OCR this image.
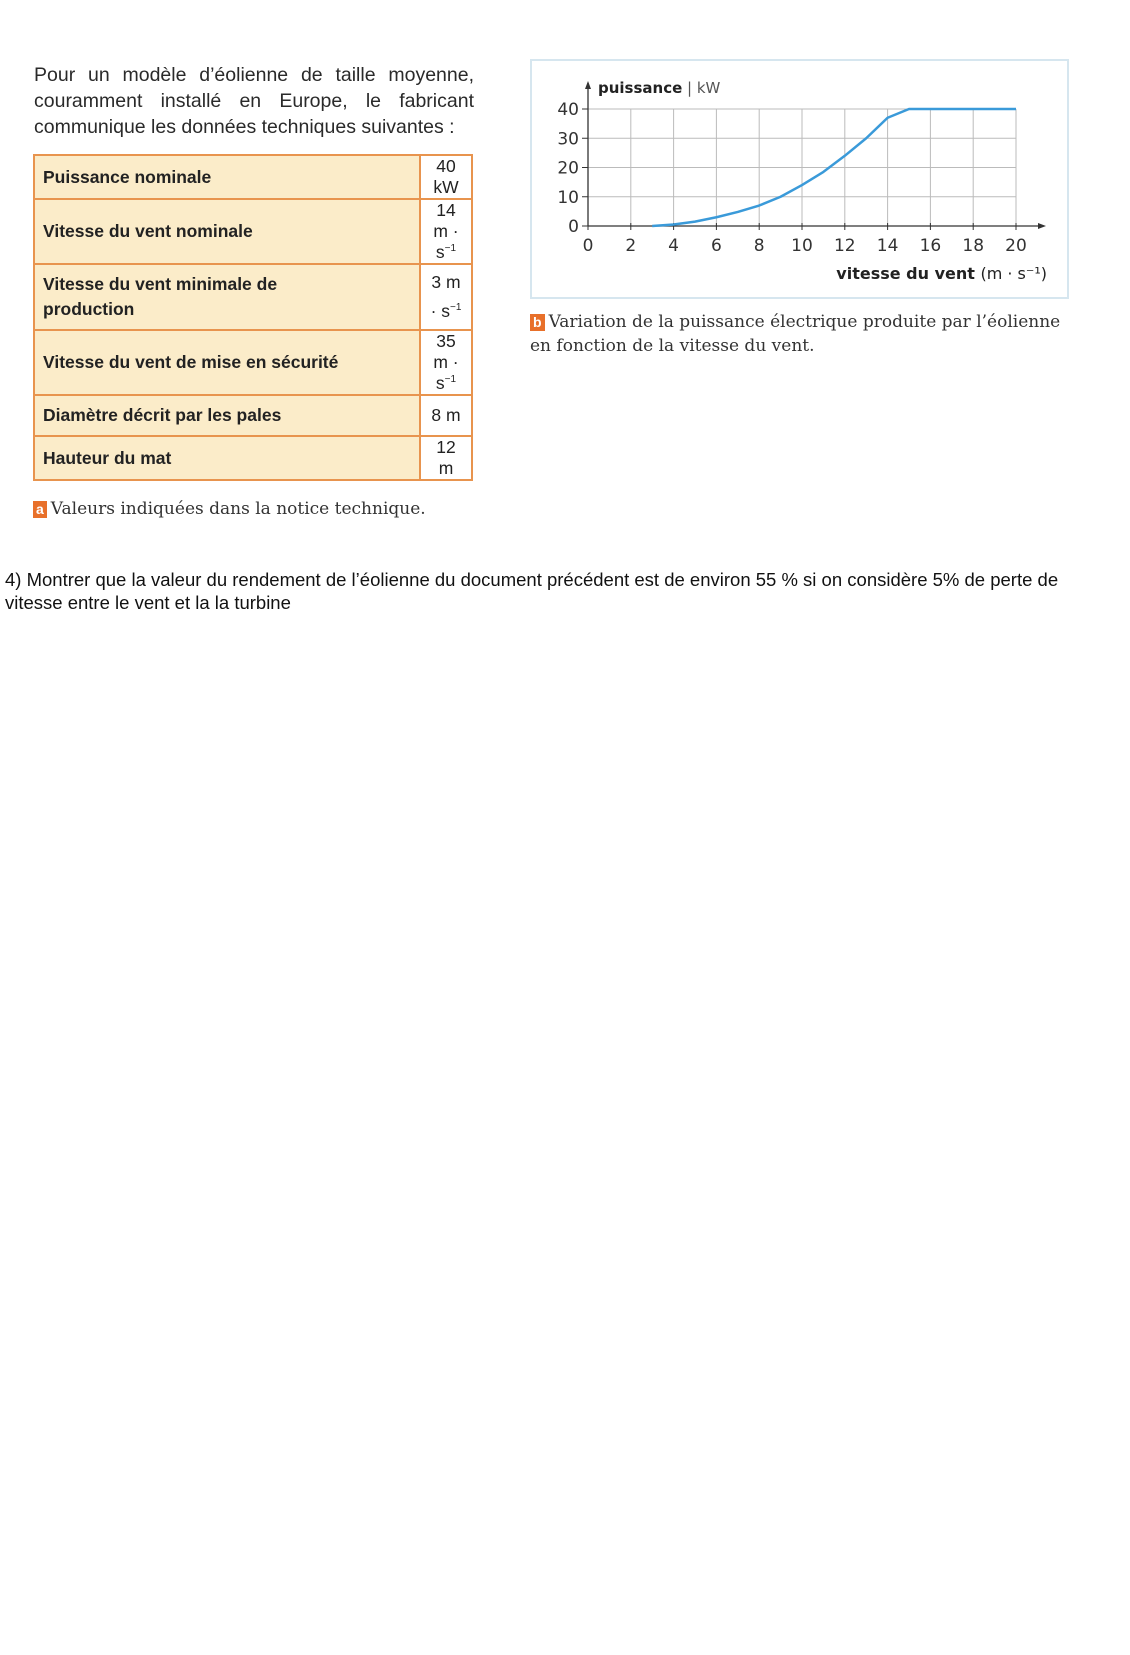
Pour un modèle d’éolienne de taille moyenne, couramment installé en Europe, le fabricant communique les données techniques suivantes :
Puissance nominale	40 kW
Vitesse du vent nominale	14 $m \cdot s^{-1}$
Vitesse du vent minimale de production	3 $m \cdot s^{-1}$
Vitesse du vent de mise en sécurité	35 $m \cdot s^{-1}$
Diamètre décrit par les pales	8 m
Hauteur du mat	12 m
a Valeurs indiquées dans la notice technique.
0 2 4 6 8 10 12 14 16 18 20
0
10
20
30
40
puissance | kW
vitesse du vent (m · s⁻¹)
b Variation de la puissance électrique produite par l’éolienne en fonction de la vitesse du vent.
4) Montrer que la valeur du rendement de l’éolienne du document précédent est de environ 55 % si on considère 5% de perte de vitesse entre le vent et la la turbine
